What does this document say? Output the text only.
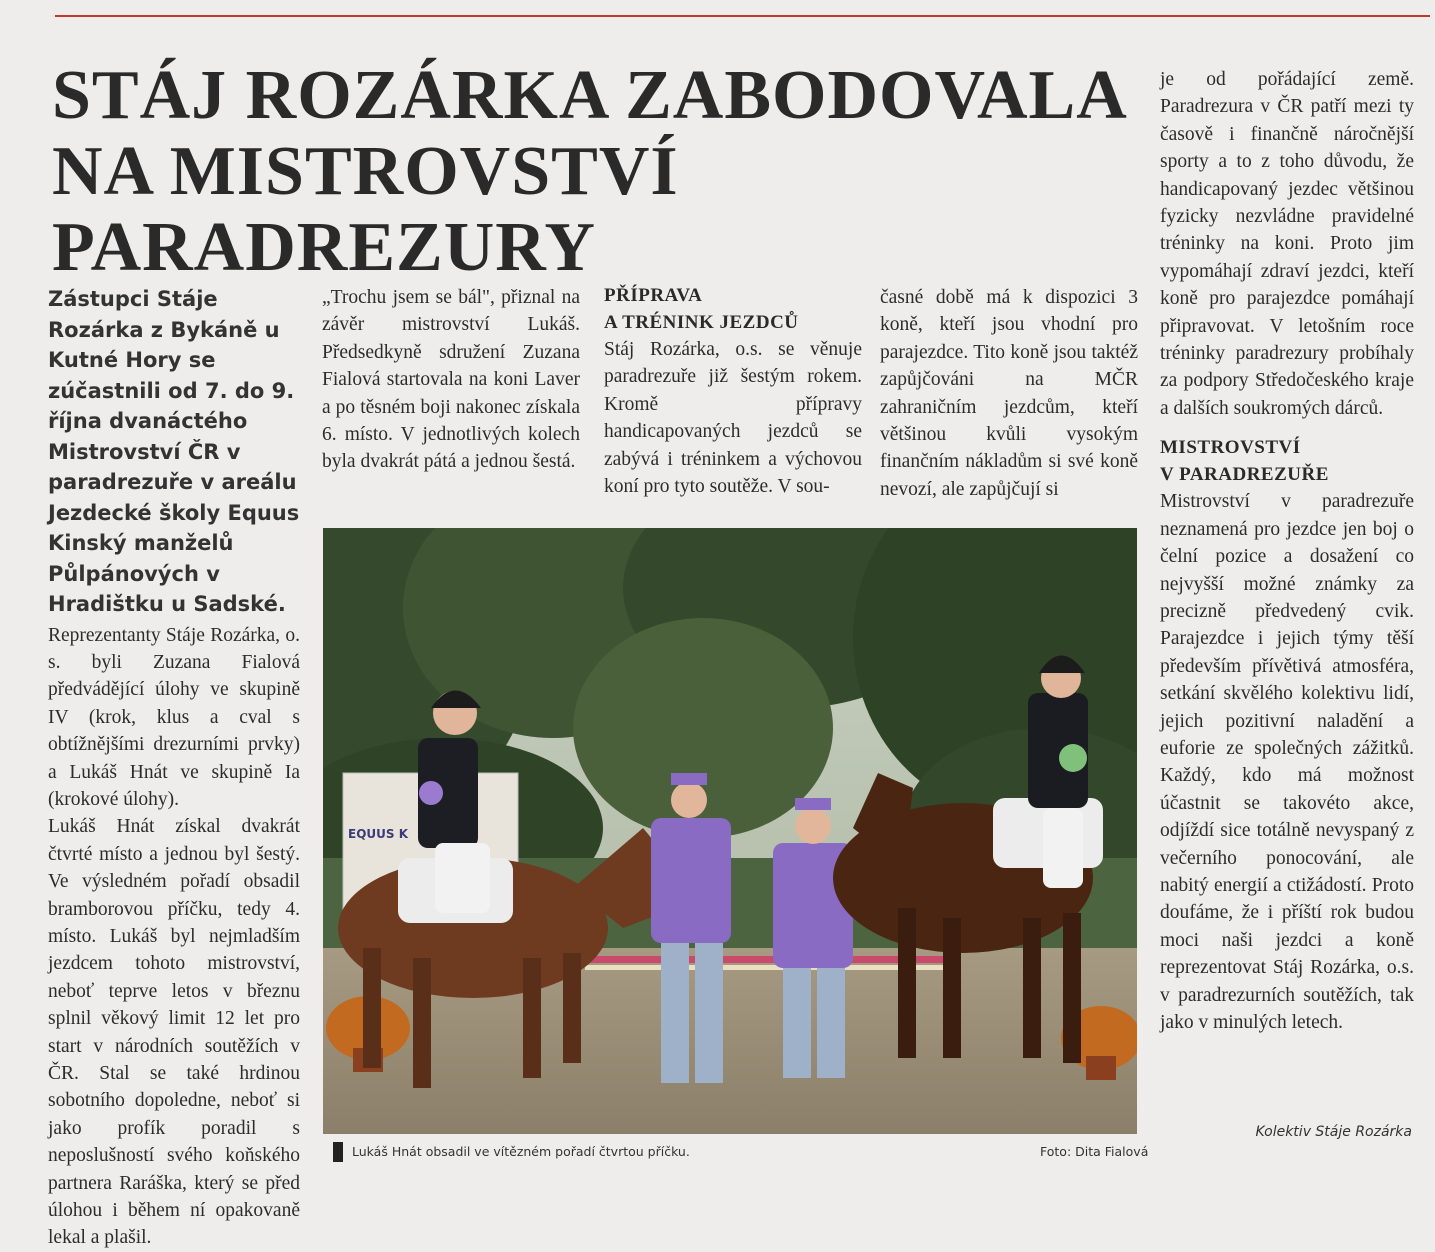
STÁJ ROZÁRKA ZABODOVALA
NA MISTROVSTVÍ
PARADREZURY

Zástupci Stáje Rozárka z Bykáně u Kutné Hory se zúčastnili od 7. do 9. října dvanáctého Mistrovství ČR v paradrezuře v areálu Jezdecké školy Equus Kinský manželů Půlpánových v Hradištku u Sadské.

Reprezentanty Stáje Rozárka, o. s. byli Zuzana Fialová předvádějící úlohy ve skupině IV (krok, klus a cval s obtížnějšími drezurními prvky) a Lukáš Hnát ve skupině Ia (krokové úlohy).

Lukáš Hnát získal dvakrát čtvrté místo a jednou byl šestý. Ve výsledném pořadí obsadil bramborovou příčku, tedy 4. místo. Lukáš byl nejmladším jezdcem tohoto mistrovství, neboť teprve letos v březnu splnil věkový limit 12 let pro start v národních soutěžích v ČR. Stal se také hrdinou sobotního dopoledne, neboť si jako profík poradil s neposlušností svého koňského partnera Raráška, který se před úlohou i během ní opakovaně lekal a plašil.

„Trochu jsem se bál", přiznal na závěr mistrovství Lukáš. Předsedkyně sdružení Zuzana Fialová startovala na koni Laver a po těsném boji nakonec získala 6. místo. V jednotlivých kolech byla dvakrát pátá a jednou šestá.

PŘÍPRAVA
A TRÉNINK JEZDCŮ

Stáj Rozárka, o.s. se věnuje paradrezuře již šestým rokem. Kromě přípravy handicapovaných jezdců se zabývá i tréninkem a výchovou koní pro tyto soutěže. V sou-

časné době má k dispozici 3 koně, kteří jsou vhodní pro parajezdce. Tito koně jsou taktéž zapůjčováni na MČR zahraničním jezdcům, kteří většinou kvůli vysokým finančním nákladům si své koně nevozí, ale zapůjčují si

je od pořádající země. Paradrezura v ČR patří mezi ty časově i finančně náročnější sporty a to z toho důvodu, že handicapovaný jezdec většinou fyzicky nezvládne pravidelné tréninky na koni. Proto jim vypomáhají zdraví jezdci, kteří koně pro parajezdce pomáhají připravovat. V letošním roce tréninky paradrezury probíhaly za podpory Středočeského kraje a dalších soukromých dárců.

MISTROVSTVÍ
V PARADREZUŘE

Mistrovství v paradrezuře neznamená pro jezdce jen boj o čelní pozice a dosažení co nejvyšší možné známky za precizně předvedený cvik. Parajezdce i jejich týmy těší především přívětivá atmosféra, setkání skvělého kolektivu lidí, jejich pozitivní naladění a euforie ze společných zážitků. Každý, kdo má možnost účastnit se takovéto akce, odjíždí sice totálně nevyspaný z večerního ponocování, ale nabitý energií a ctižádostí. Proto doufáme, že i příští rok budou moci naši jezdci a koně reprezentovat Stáj Rozárka, o.s. v paradrezurních soutěžích, tak jako v minulých letech.

Kolektiv Stáje Rozárka
EQUUS K
Lukáš Hnát obsadil ve vítězném pořadí čtvrtou příčku.	Foto: Dita Fialová
